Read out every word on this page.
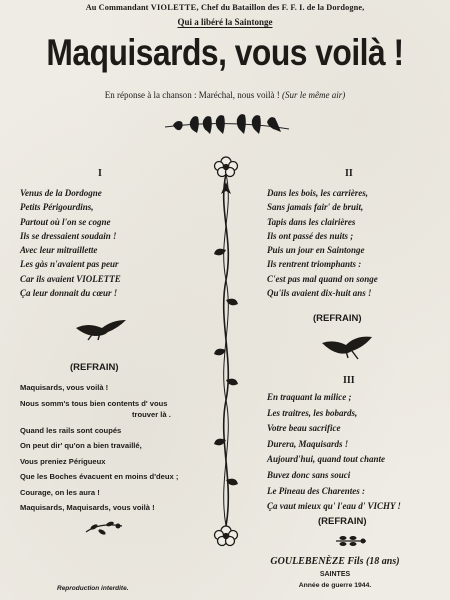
Au Commandant VIOLETTE, Chef du Bataillon des F. F. I. de la Dordogne,
Qui a libéré la Saintonge
Maquisards, vous voilà !
En réponse à la chanson : Maréchal, nous voilà ! (Sur le même air)
I
Venus de la Dordogne
Petits Périgourdins,
Partout où l'on se cogne
Ils se dressaient soudain !
Avec leur mitraillette
Les gàs n'avaient pas peur
Car ils avaient VIOLETTE
Ça leur donnait du cœur !
II
Dans les bois, les carrières,
Sans jamais fair' de bruit,
Tapis dans les clairières
Ils ont passé des nuits ;
Puis un jour en Saintonge
Ils rentrent triomphants :
C'est pas mal quand on songe
Qu'ils avaient dix-huit ans !
(REFRAIN)
Maquisards, vous voilà !
Nous somm's tous bien contents d' vous
trouver là .
Quand les rails sont coupés
On peut dir' qu'on a bien travaillé,
Vous preniez Périgueux
Que les Boches évacuent en moins d'deux ;
Courage, on les aura !
Maquisards, Maquisards, vous voilà !
(REFRAIN)
III
En traquant la milice ;
Les traitres, les bobards,
Votre beau sacrifice
Durera, Maquisards !
Aujourd'hui, quand tout chante
Buvez donc sans souci
Le Pineau des Charentes :
Ça vaut mieux qu' l'eau d' VICHY !
(REFRAIN)
GOULEBENÈZE Fils (18 ans)
SAINTES
Année de guerre 1944.
Reproduction interdite.
